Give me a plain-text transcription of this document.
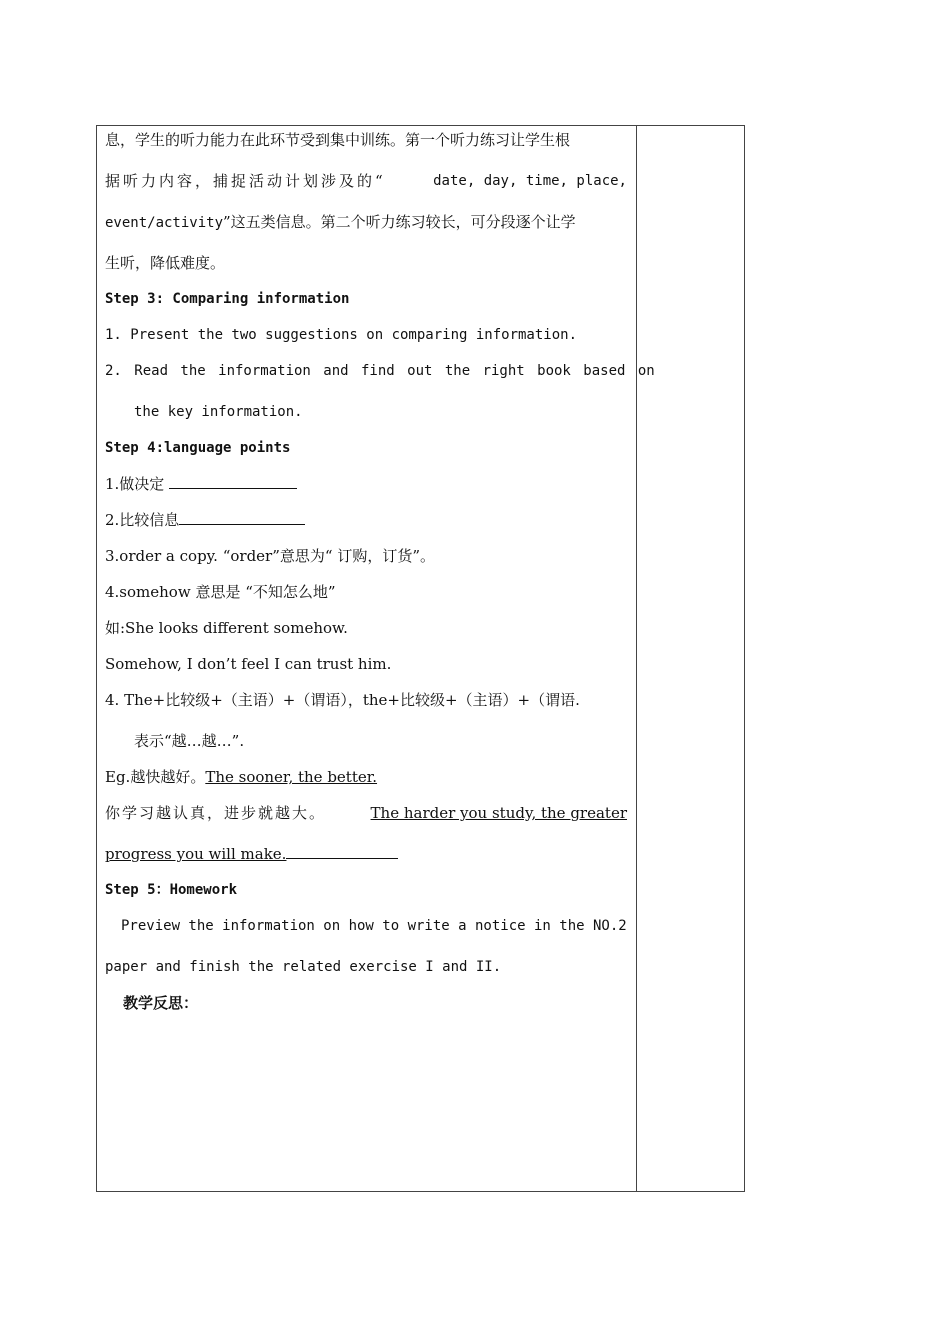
息，学生的听力能力在此环节受到集中训练。第一个听力练习让学生根
据听力内容，捕捉活动计划涉及的“	date, day, time, place,
event/activity”这五类信息。第二个听力练习较长，可分段逐个让学
生听，降低难度。
Step 3: Comparing information
1. Present the two suggestions on comparing information.
2. Read the information and find out the right book based on
the key information.
Step 4:language points
1.做决定
2.比较信息
3.order a copy. “order”意思为“ 订购，订货”。
4.somehow 意思是 “不知怎么地”
如:She looks different somehow.
Somehow, I don’t feel I can trust him.
4. The+比较级+（主语）+（谓语），the+比较级+（主语）+（谓语.
表示“越…越…”.
Eg.越快越好。The sooner, the better.
你学习越认真，进步就越大。	The harder you study, the greater
progress you will make.
Step 5：Homework
Preview the information on how to write a notice in the NO.2
paper and finish the related exercise I and II.
教学反思：
